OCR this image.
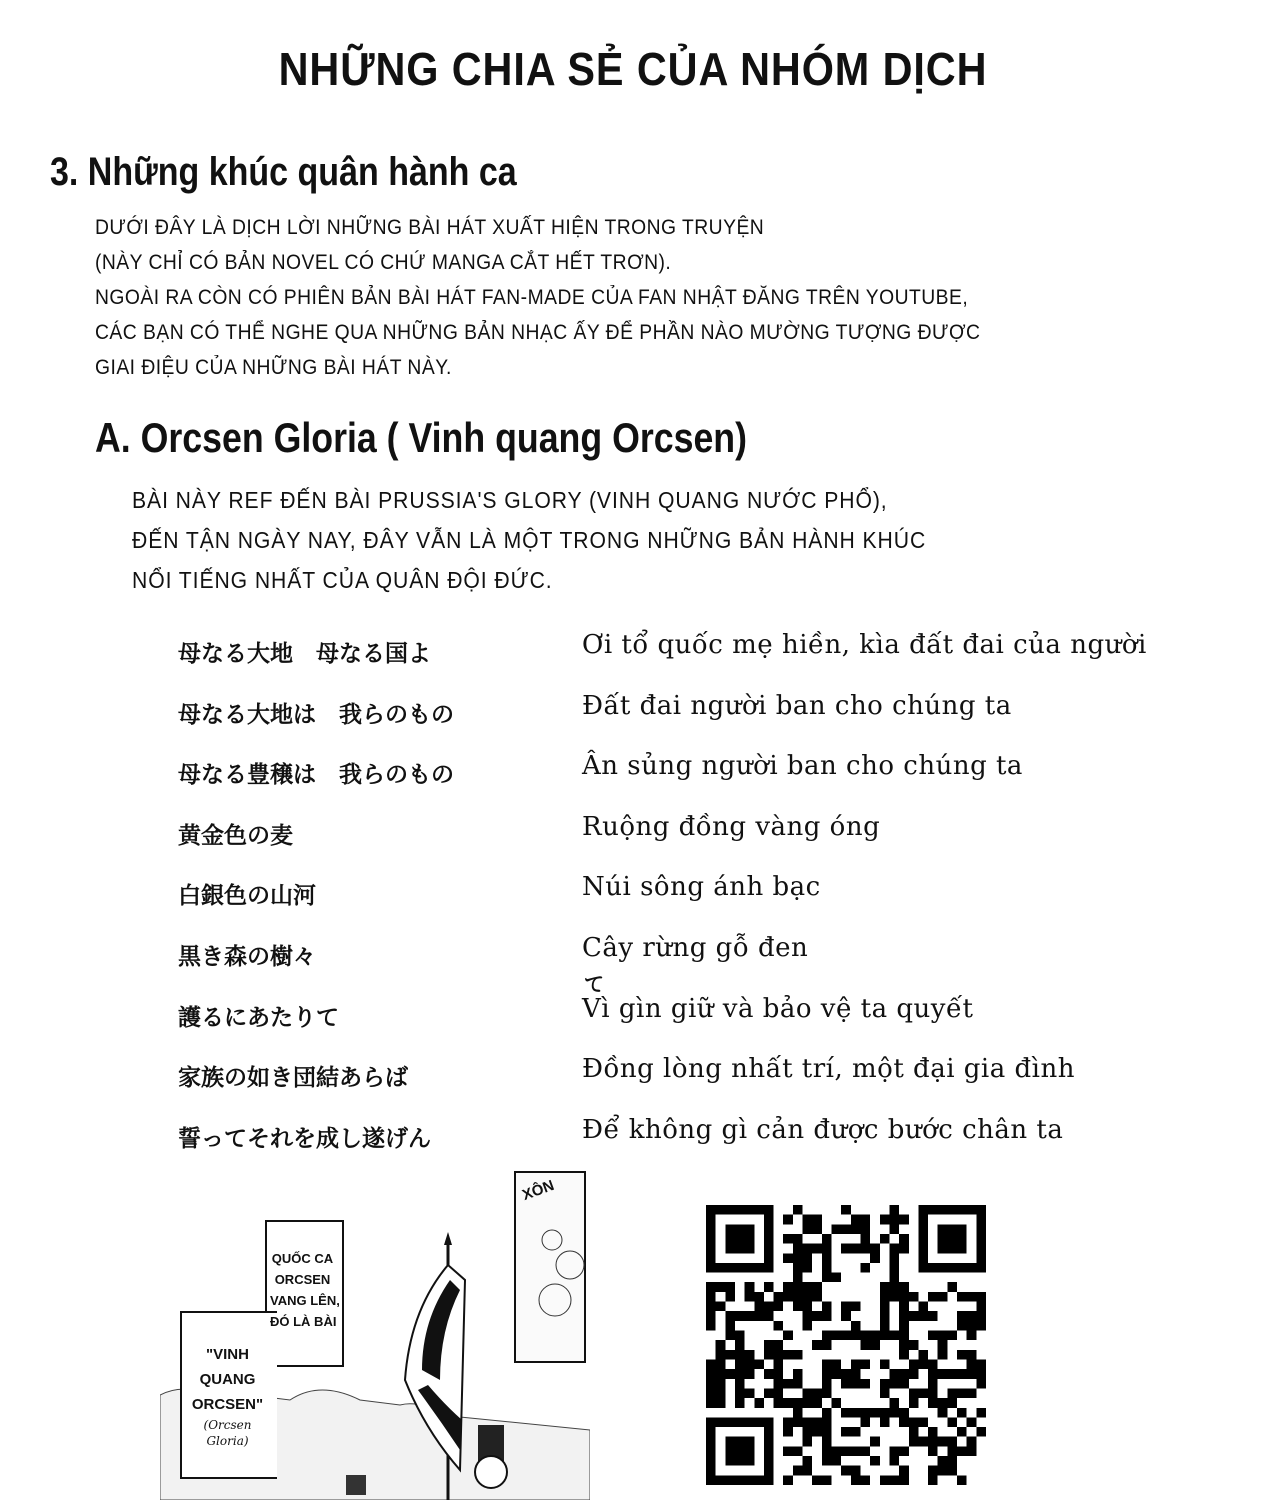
NHỮNG CHIA SẺ CỦA NHÓM DỊCH
3. Những khúc quân hành ca
DƯỚI ĐÂY LÀ DỊCH LỜI NHỮNG BÀI HÁT XUẤT HIỆN TRONG TRUYỆN
(NÀY CHỈ CÓ BẢN NOVEL CÓ CHỨ MANGA CẮT HẾT TRƠN).
NGOÀI RA CÒN CÓ PHIÊN BẢN BÀI HÁT FAN-MADE CỦA FAN NHẬT ĐĂNG TRÊN YOUTUBE,
CÁC BẠN CÓ THỂ NGHE QUA NHỮNG BẢN NHẠC ẤY ĐỂ PHẦN NÀO MƯỜNG TƯỢNG ĐƯỢC
GIAI ĐIỆU CỦA NHỮNG BÀI HÁT NÀY.
A. Orcsen Gloria ( Vinh quang Orcsen)
BÀI NÀY REF ĐẾN BÀI PRUSSIA'S GLORY (VINH QUANG NƯỚC PHỔ),
ĐẾN TẬN NGÀY NAY, ĐÂY VẪN LÀ MỘT TRONG NHỮNG BẢN HÀNH KHÚC
NỔI TIẾNG NHẤT CỦA QUÂN ĐỘI ĐỨC.
母なる大地　母なる国よ	Ơi tổ quốc mẹ hiền, kìa đất đai của người
母なる大地は　我らのもの	Đất đai người ban cho chúng ta
母なる豊穣は　我らのもの	Ân sủng người ban cho chúng ta
黄金色の麦	Ruộng đồng vàng óng
白銀色の山河	Núi sông ánh bạc
黒き森の樹々	Cây rừng gỗ đen
護るにあたりて	Vì gìn giữ và bảo vệ ta quyết
家族の如き団結あらば	Đồng lòng nhất trí, một đại gia đình
誓ってそれを成し遂げん	Để không gì cản được bước chân ta
て
QUỐC CA
ORCSEN
VANG LÊN,
ĐÓ LÀ BÀI
"VINH
QUANG
ORCSEN"
(Orcsen
Gloria)
XÔN
